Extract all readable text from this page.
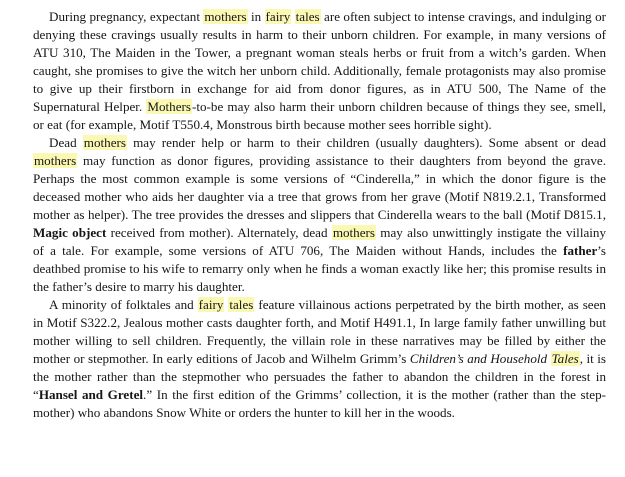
During pregnancy, expectant mothers in fairy tales are often subject to intense cravings, and indulging or denying these cravings usually results in harm to their unborn children. For example, in many versions of ATU 310, The Maiden in the Tower, a pregnant woman steals herbs or fruit from a witch’s garden. When caught, she promises to give the witch her unborn child. Additionally, female protagonists may also promise to give up their firstborn in exchange for aid from donor figures, as in ATU 500, The Name of the Supernatural Helper. Mothers-to-be may also harm their unborn children because of things they see, smell, or eat (for example, Motif T550.4, Monstrous birth because mother sees horrible sight).

Dead mothers may render help or harm to their children (usually daughters). Some absent or dead mothers may function as donor figures, providing assistance to their daughters from beyond the grave. Perhaps the most common example is some versions of “Cinderella,” in which the donor figure is the deceased mother who aids her daughter via a tree that grows from her grave (Motif N819.2.1, Transformed mother as helper). The tree provides the dresses and slippers that Cinderella wears to the ball (Motif D815.1, Magic object received from mother). Alternately, dead mothers may also unwittingly instigate the villainy of a tale. For example, some versions of ATU 706, The Maiden without Hands, includes the father’s deathbed promise to his wife to remarry only when he finds a woman exactly like her; this promise results in the father’s desire to marry his daughter.

A minority of folktales and fairy tales feature villainous actions perpetrated by the birth mother, as seen in Motif S322.2, Jealous mother casts daughter forth, and Motif H491.1, In large family father unwilling but mother willing to sell children. Frequently, the villain role in these narratives may be filled by either the mother or stepmother. In early editions of Jacob and Wilhelm Grimm’s Children’s and Household Tales, it is the mother rather than the stepmother who persuades the father to abandon the children in the forest in “Hansel and Gretel.” In the first edition of the Grimms’ collection, it is the mother (rather than the stepmother) who abandons Snow White or orders the hunter to kill her in the woods.
